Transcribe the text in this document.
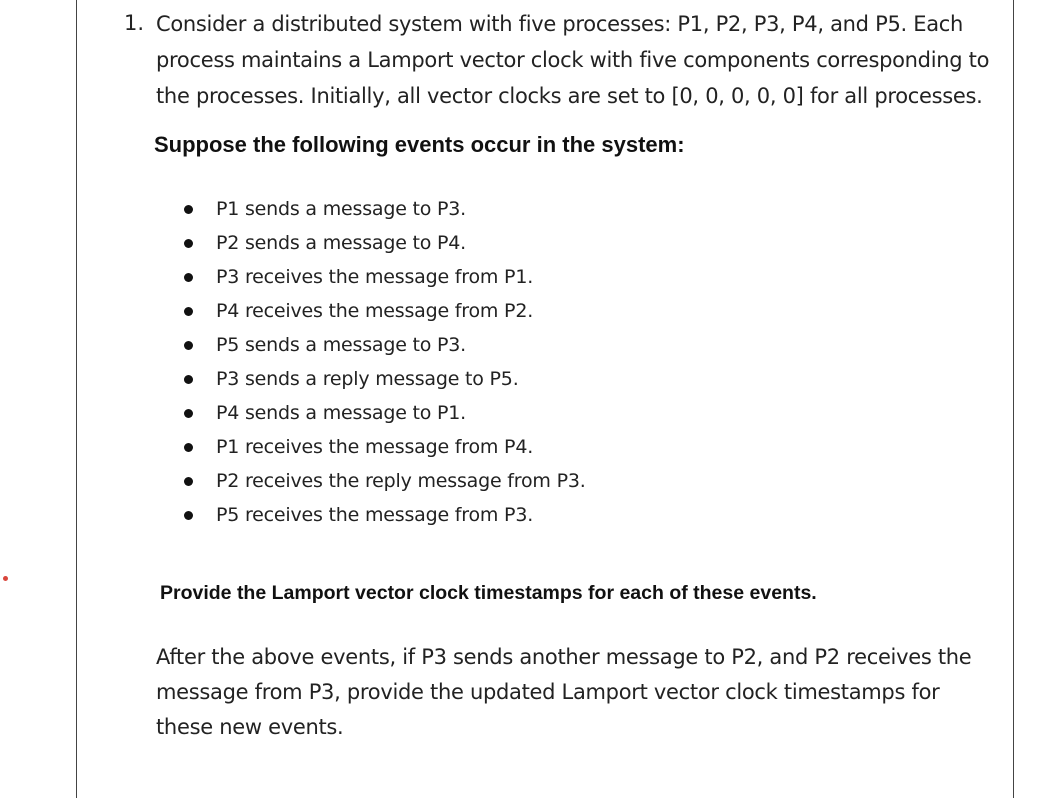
1. Consider a distributed system with five processes: P1, P2, P3, P4, and P5. Each
process maintains a Lamport vector clock with five components corresponding to
the processes. Initially, all vector clocks are set to [0, 0, 0, 0, 0] for all processes.
Suppose the following events occur in the system:
P1 sends a message to P3.
P2 sends a message to P4.
P3 receives the message from P1.
P4 receives the message from P2.
P5 sends a message to P3.
P3 sends a reply message to P5.
P4 sends a message to P1.
P1 receives the message from P4.
P2 receives the reply message from P3.
P5 receives the message from P3.
Provide the Lamport vector clock timestamps for each of these events.
After the above events, if P3 sends another message to P2, and P2 receives the
message from P3, provide the updated Lamport vector clock timestamps for
these new events.
